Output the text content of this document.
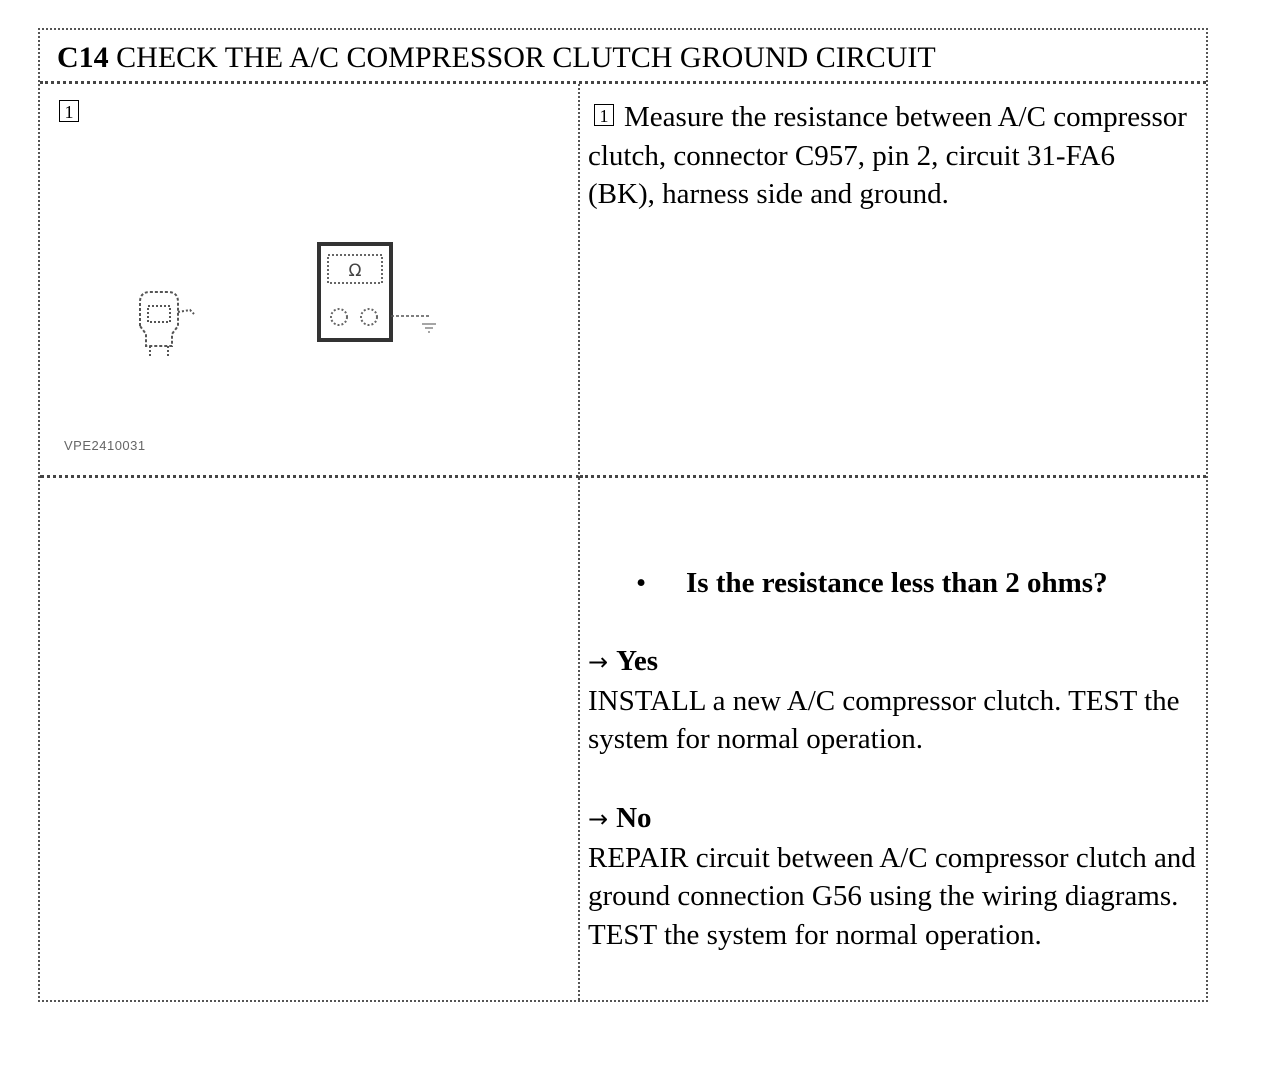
C14 CHECK THE A/C COMPRESSOR CLUTCH GROUND CIRCUIT
1
Ω
VPE2410031
1 Measure the resistance between A/C compressor clutch, connector C957, pin 2, circuit 31-FA6 (BK), harness side and ground.
• Is the resistance less than 2 ohms?
→ Yes
INSTALL a new A/C compressor clutch. TEST the system for normal operation.
→ No
REPAIR circuit between A/C compressor clutch and ground connection G56 using the wiring diagrams. TEST the system for normal operation.
